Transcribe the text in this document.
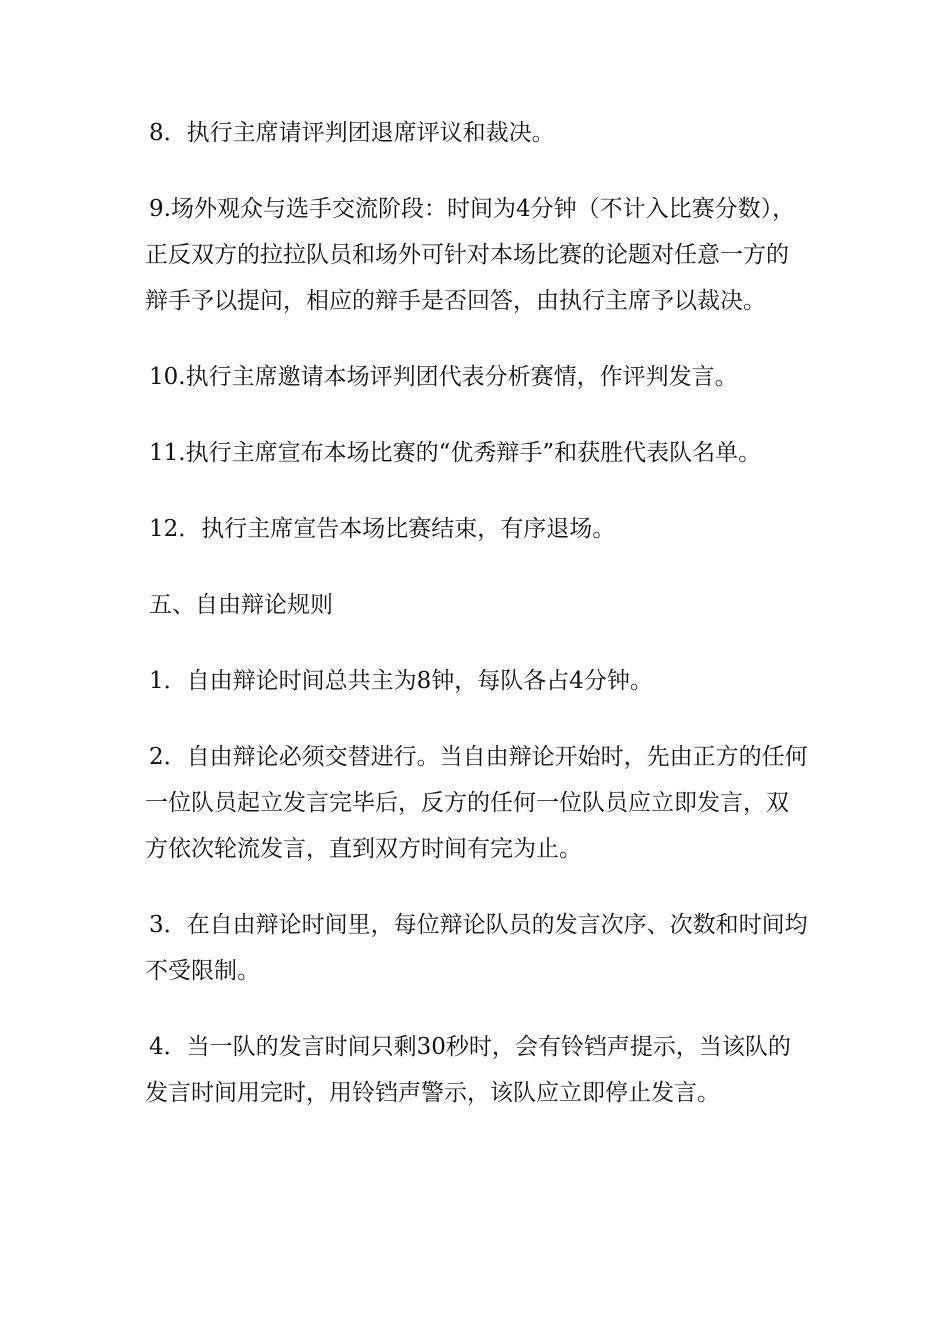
8．执行主席请评判团退席评议和裁决。

9.场外观众与选手交流阶段：时间为4分钟（不计入比赛分数），正反双方的拉拉队员和场外可针对本场比赛的论题对任意一方的辩手予以提问，相应的辩手是否回答，由执行主席予以裁决。

10.执行主席邀请本场评判团代表分析赛情，作评判发言。

11.执行主席宣布本场比赛的“优秀辩手”和获胜代表队名单。

12．执行主席宣告本场比赛结束，有序退场。

五、自由辩论规则

1．自由辩论时间总共主为8钟，每队各占4分钟。

2．自由辩论必须交替进行。当自由辩论开始时，先由正方的任何一位队员起立发言完毕后，反方的任何一位队员应立即发言，双方依次轮流发言，直到双方时间有完为止。

3．在自由辩论时间里，每位辩论队员的发言次序、次数和时间均不受限制。

4．当一队的发言时间只剩30秒时，会有铃铛声提示，当该队的发言时间用完时，用铃铛声警示，该队应立即停止发言。
